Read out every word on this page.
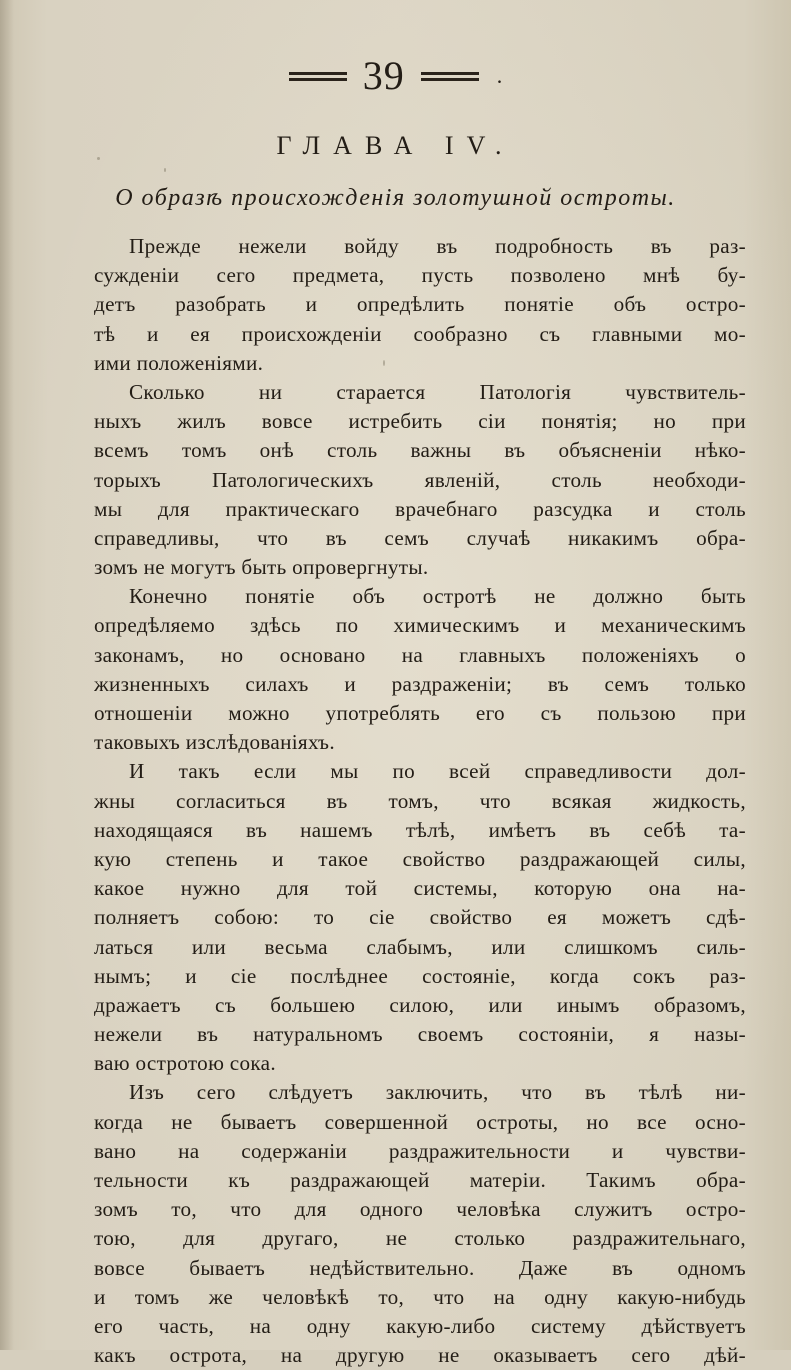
39	.
ГЛАВА IV.
О образѣ происхожденія золотушной остроты.
Прежде нежели войду въ подробность въ раз-
сужденіи сего предмета, пусть позволено мнѣ бу-
детъ разобрать и опредѣлить понятіе объ остро-
тѣ и ея происхожденіи сообразно съ главными мо-
ими положеніями.
Сколько ни старается Патологія чувствитель-
ныхъ жилъ вовсе истребить сіи понятія; но при
всемъ томъ онѣ столь важны въ объясненіи нѣко-
торыхъ Патологическихъ явленій, столь необходи-
мы для практическаго врачебнаго разсудка и столь
справедливы, что въ семъ случаѣ никакимъ обра-
зомъ не могутъ быть опровергнуты.
Конечно понятіе объ остротѣ не должно быть
опредѣляемо здѣсь по химическимъ и механическимъ
законамъ, но основано на главныхъ положеніяхъ о
жизненныхъ силахъ и раздраженіи; въ семъ только
отношеніи можно употреблять его съ пользою при
таковыхъ изслѣдованіяхъ.
И такъ если мы по всей справедливости дол-
жны согласиться въ томъ, что всякая жидкость,
находящаяся въ нашемъ тѣлѣ, имѣетъ въ себѣ та-
кую степень и такое свойство раздражающей силы,
какое нужно для той системы, которую она на-
полняетъ собою: то сіе свойство ея можетъ сдѣ-
латься или весьма слабымъ, или слишкомъ силь-
нымъ; и сіе послѣднее состояніе, когда сокъ раз-
дражаетъ съ большею силою, или инымъ образомъ,
нежели въ натуральномъ своемъ состояніи, я назы-
ваю остротою сока.
Изъ сего слѣдуетъ заключить, что въ тѣлѣ ни-
когда не бываетъ совершенной остроты, но все осно-
вано на содержаніи раздражительности и чувстви-
тельности къ раздражающей матеріи. Такимъ обра-
зомъ то, что для одного человѣка служитъ остро-
тою, для другаго, не столько раздражительнаго,
вовсе бываетъ недѣйствительно. Даже въ одномъ
и томъ же человѣкѣ то, что на одну какую-нибудь
его часть, на одну какую-либо систему дѣйствуетъ
какъ острота, на другую не оказываетъ сего дѣй-
